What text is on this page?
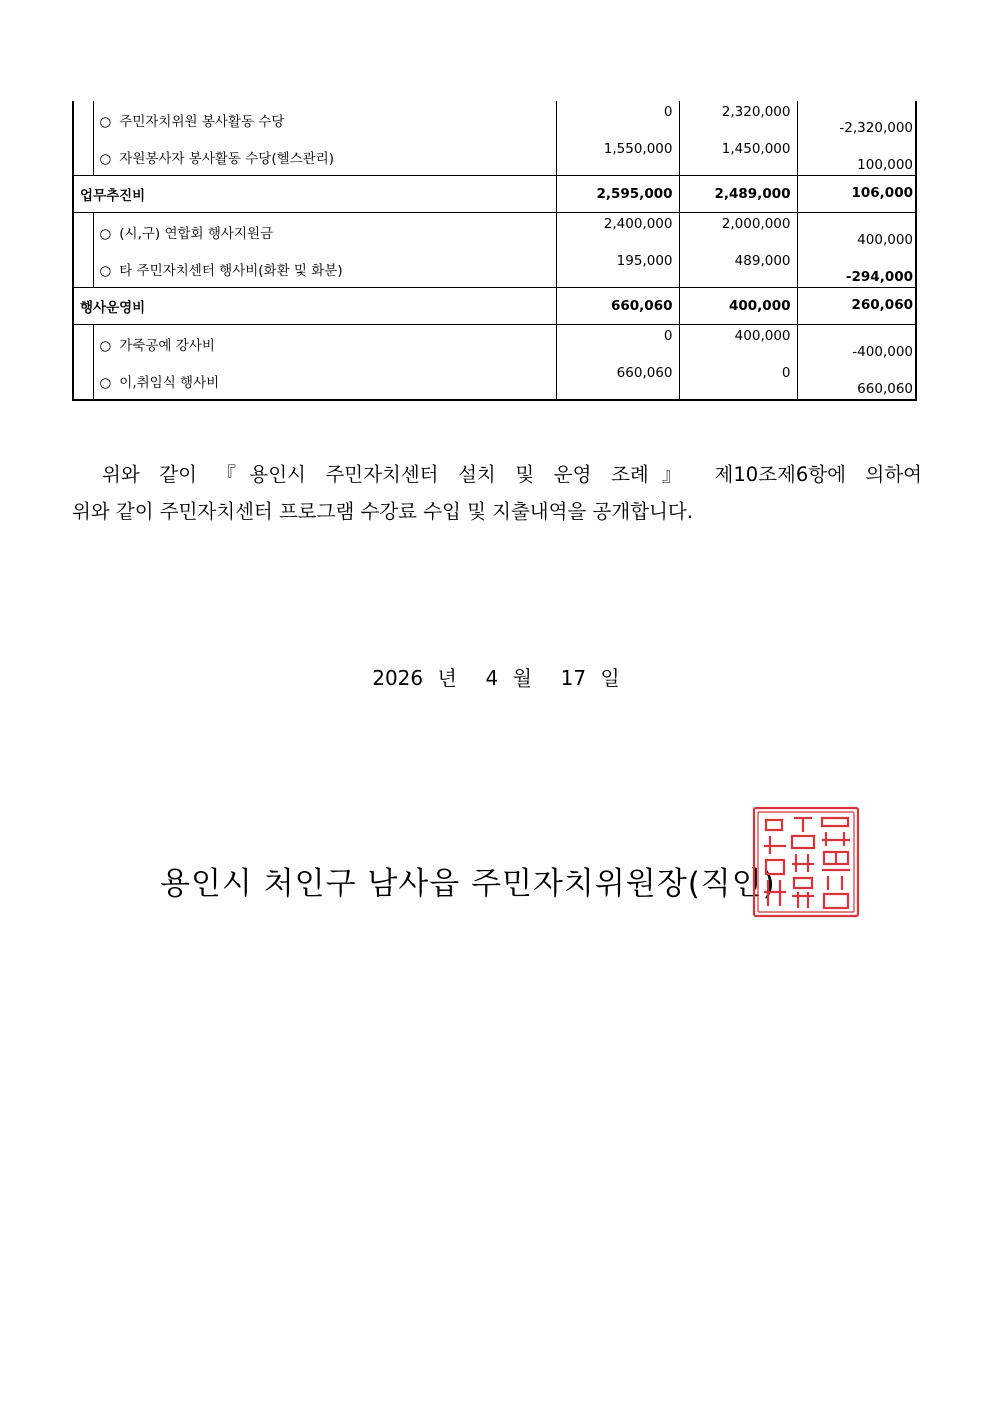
	○ 주민자치위원 봉사활동 수당	0	2,320,000	-2,320,000
	○ 자원봉사자 봉사활동 수당(헬스관리)	1,550,000	1,450,000	100,000
업무추진비		2,595,000	2,489,000	106,000
	○ (시,구) 연합회 행사지원금	2,400,000	2,000,000	400,000
	○ 타 주민자치센터 행사비(화환 및 화분)	195,000	489,000	-294,000
행사운영비		660,060	400,000	260,060
	○ 가죽공예 강사비	0	400,000	-400,000
	○ 이,취임식 행사비	660,060	0	660,060
위와 같이 『용인시 주민자치센터 설치 및 운영 조례』 제10조제6항에 의하여
위와 같이 주민자치센터 프로그램 수강료 수입 및 지출내역을 공개합니다.
2026 년  4 월  17 일
용인시 처인구 남사읍 주민자치위원장(직인)
